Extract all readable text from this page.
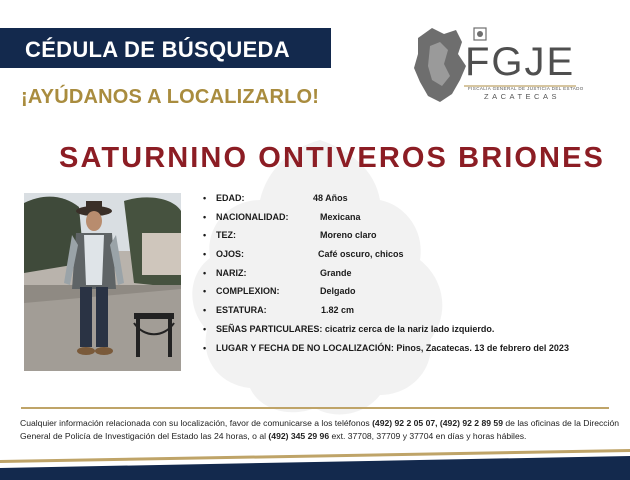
CÉDULA DE BÚSQUEDA
¡AYÚDANOS A LOCALIZARLO!
FGJE
FISCALÍA GENERAL DE JUSTICIA DEL ESTADO
ZACATECAS
SATURNINO ONTIVEROS BRIONES
• EDAD:	48 Años
• NACIONALIDAD:	Mexicana
• TEZ:	Moreno claro
• OJOS:	Café oscuro, chicos
• NARIZ:	Grande
• COMPLEXION:	Delgado
• ESTATURA:	1.82 cm
• SEÑAS PARTICULARES: cicatriz cerca de la nariz lado izquierdo.
• LUGAR Y FECHA DE NO LOCALIZACIÓN: Pinos, Zacatecas. 13 de febrero del 2023
Cualquier información relacionada con su localización, favor de comunicarse a los teléfonos (492) 92 2 05 07, (492) 92 2 89 59 de las oficinas de la Dirección General de Policía de Investigación del Estado las 24 horas, o al (492) 345 29 96 ext. 37708, 37709 y 37704 en días y horas hábiles.
